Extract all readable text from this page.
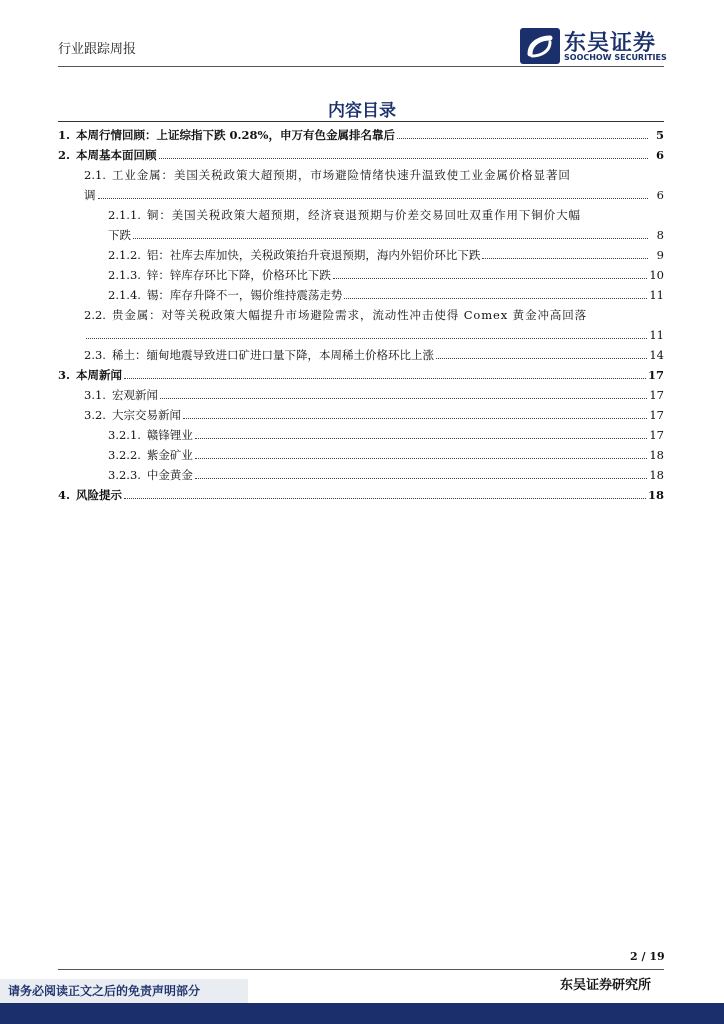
行业跟踪周报	东吴证券
SOOCHOW SECURITIES
内容目录
1. 本周行情回顾：上证综指下跌 0.28%，申万有色金属排名靠后	5
2. 本周基本面回顾	6
2.1. 工业金属：美国关税政策大超预期，市场避险情绪快速升温致使工业金属价格显著回
调	6
2.1.1. 铜：美国关税政策大超预期，经济衰退预期与价差交易回吐双重作用下铜价大幅
下跌	8
2.1.2. 铝：社库去库加快，关税政策抬升衰退预期，海内外铝价环比下跌	9
2.1.3. 锌：锌库存环比下降，价格环比下跌	10
2.1.4. 锡：库存升降不一，锡价维持震荡走势	11
2.2. 贵金属：对等关税政策大幅提升市场避险需求，流动性冲击使得 Comex 黄金冲高回落
11
2.3. 稀土：缅甸地震导致进口矿进口量下降，本周稀土价格环比上涨	14
3. 本周新闻	17
3.1. 宏观新闻	17
3.2. 大宗交易新闻	17
3.2.1. 赣锋锂业	17
3.2.2. 紫金矿业	18
3.2.3. 中金黄金	18
4. 风险提示	18
2 / 19
东吴证券研究所
请务必阅读正文之后的免责声明部分
